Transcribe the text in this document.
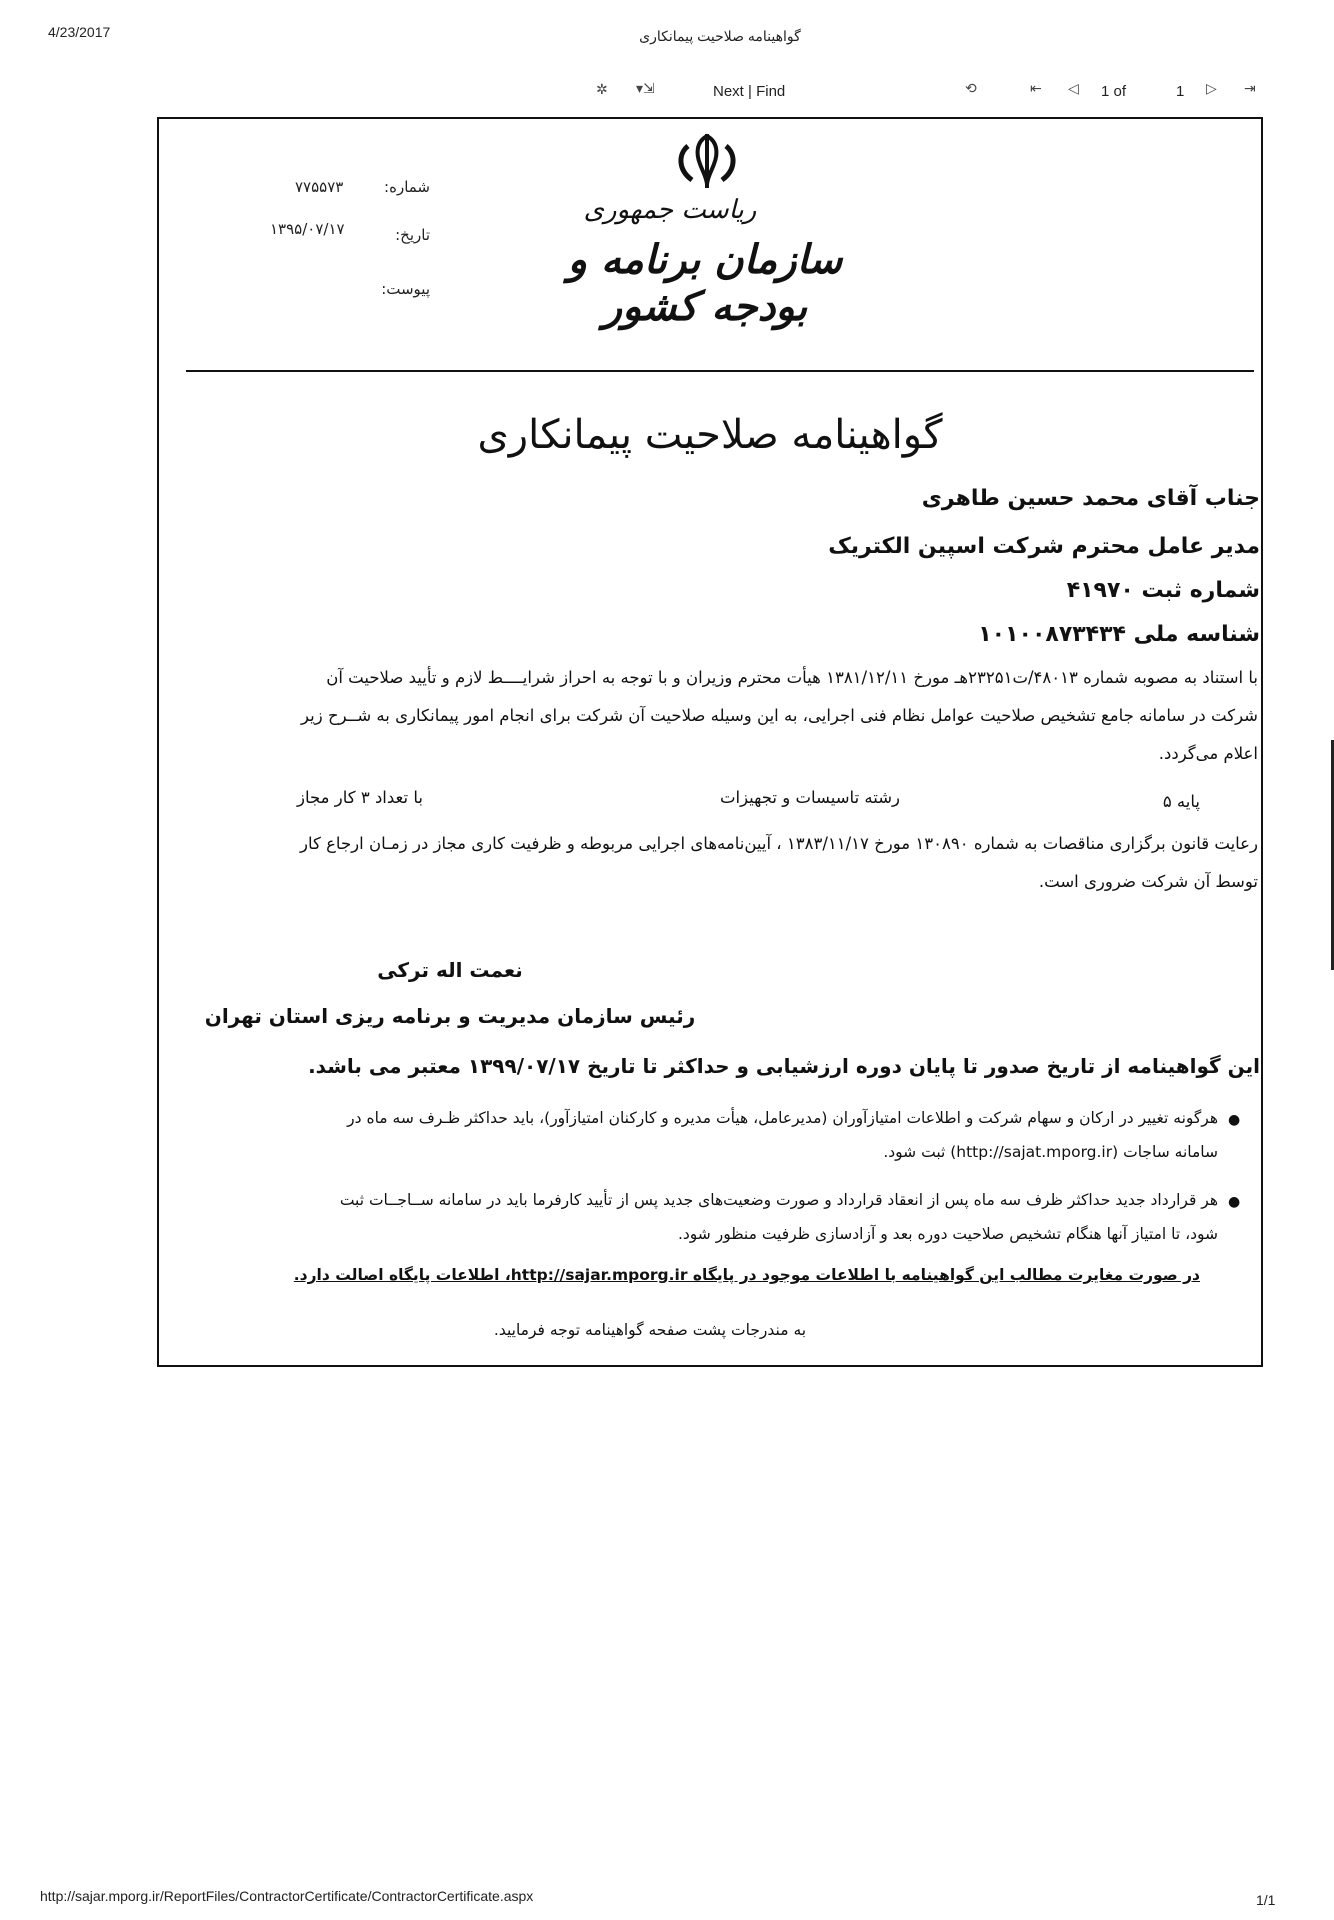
4/23/2017	گواهینامه صلاحیت پیمانکاری
✲ ▾⇲	Next | Find	⟲	⇤ ◁ 1 of	1 ▷ ⇥
شماره:
۷۷۵۵۷۳
تاریخ:
۱۳۹۵/۰۷/۱۷
پیوست:
ریاست جمهوری
سازمان برنامه و بودجه کشور
گواهینامه صلاحیت پیمانکاری
جناب آقای محمد حسین طاهری
مدیر عامل محترم شرکت اسپین الکتریک
شماره ثبت ۴۱۹۷۰
شناسه ملی ۱۰۱۰۰۸۷۳۴۳۴
با استناد به مصوبه شماره ۴۸۰۱۳/ت۲۳۲۵۱هـ مورخ ۱۳۸۱/۱۲/۱۱ هیأت محترم وزیران و با توجه به احراز شرایــــط لازم و تأیید صلاحیت آن
شرکت در سامانه جامع تشخیص صلاحیت عوامل نظام فنی اجرایی، به این وسیله صلاحیت آن شرکت برای انجام امور پیمانکاری به شــرح زیر
اعلام می‌گردد.
پایه ۵
رشته تاسیسات و تجهیزات
با تعداد ۳ کار مجاز
رعایت قانون برگزاری مناقصات به شماره ۱۳۰۸۹۰ مورخ ۱۳۸۳/۱۱/۱۷ ، آیین‌نامه‌های اجرایی مربوطه و ظرفیت کاری مجاز در زمـان ارجاع کار
توسط آن شرکت ضروری است.
نعمت اله ترکی
رئیس سازمان مدیریت و برنامه ریزی استان تهران
این گواهینامه از تاریخ صدور تا پایان دوره ارزشیابی و حداکثر تا تاریخ ۱۳۹۹/۰۷/۱۷ معتبر می باشد.
●
هرگونه تغییر در ارکان و سهام شرکت و اطلاعات امتیازآوران (مدیرعامل، هیأت مدیره و کارکنان امتیازآور)، باید حداکثر ظـرف سه ماه در
سامانه ساجات (http://sajat.mporg.ir) ثبت شود.
●
هر قرارداد جدید حداکثر ظرف سه ماه پس از انعقاد قرارداد و صورت وضعیت‌های جدید پس از تأیید کارفرما باید در سامانه ســاجــات ثبت
شود، تا امتیاز آنها هنگام تشخیص صلاحیت دوره بعد و آزادسازی ظرفیت منظور شود.
در صورت مغایرت مطالب این گواهینامه با اطلاعات موجود در پایگاه http://sajar.mporg.ir، اطلاعات پایگاه اصالت دارد.
به مندرجات پشت صفحه گواهینامه توجه فرمایید.
http://sajar.mporg.ir/ReportFiles/ContractorCertificate/ContractorCertificate.aspx	1/1
